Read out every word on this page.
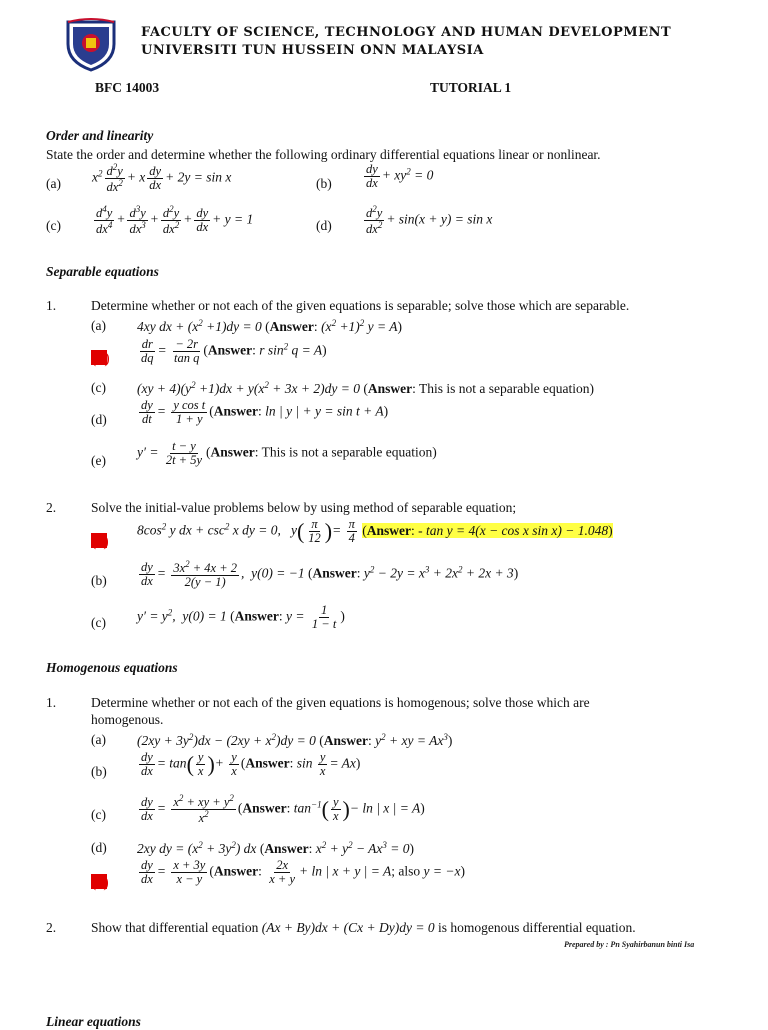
FACULTY OF SCIENCE, TECHNOLOGY AND HUMAN DEVELOPMENT
UNIVERSITI TUN HUSSEIN ONN MALAYSIA
BFC 14003	TUTORIAL 1
Order and linearity
State the order and determine whether the following ordinary differential equations linear or nonlinear.
(a) $x^2 \frac{d^2y}{dx^2} + x \frac{dy}{dx} + 2y = \sin x$	(b)	$\frac{dy}{dx} + xy^2 = 0$
(c)	$\frac{d^4y}{dx^4} + \frac{d^3y}{dx^3} + \frac{d^2y}{dx^2} + \frac{dy}{dx} + y = 1$	(d)	$\frac{d^2y}{dx^2} + \sin(x + y) = \sin x$
Separable equations
1.	Determine whether or not each of the given equations is separable; solve those which are separable.
(a) 4xy dx + $(x^2 +1)dy = 0$ (Answer: $(x^2 +1)^2$ y = A)
$(b) \frac{dr}{dq} = \frac{- 2r}{\text{tan q}}$ (Answer: r $\sin^2 q = A$)
(c) $(xy + 4)(y^2 +1)dx + y(x^2 + 3x + 2)dy = 0$ (Answer: This is not a separable equation)
(d)	$\frac{dy}{dt} = \frac{\text{y cos t}}{1 + y}$ (Answer: ln | y | + y = sin t + A)
(e)
$y' = \frac{t - y}{2t + 5y}$ (Answer: This is not a separable equation)
2.	Solve the initial-value problems below by using method of separable equation;
(a)
$8\cos^2$ y dx + $\csc^2 x$ dy = 0,   $y( \frac{\pi}{12}$ )= $\frac{\pi}{4}$ (Answer: - tan y = 4(x − cos x sin x) − 1.048)
(b)	$\frac{dy}{dx} = \frac{3x^2 + 4x + 2}{2(y - 1)}$ ,  y(0) = −1 (Answer: $y^2 - 2y = x^3 + 2x^2 + 2x + 3$)
(c) $y' = y^2$,  y(0) = 1 (Answer: $y = \frac{1}{1 - t}$ )
Homogenous equations
1.	Determine whether or not each of the given equations is homogenous; solve those which are
homogenous.
(a) $(2xy + 3y^2)dx - (2xy + x^2)dy = 0$ (Answer: $y^2$ + xy = $Ax^3$)
(b)	$\frac{dy}{dx} = \tan( \frac{y}{x}$ )+ $\frac{y}{x}$ (Answer: $\sin \frac{y}{x} = Ax$)
(c)	$\frac{dy}{dx} = \frac{x^2 + xy + y^2}{x^2}$ (Answer: $\tan^{-1}( \frac{y}{x}$ )− ln | x | = A)
(d) 2xy dy = $(x^2 + 3y^2)$ dx (Answer: $x^2 + y^2 - Ax^3 = 0$)
$(e) \frac{dy}{dx} = \frac{x + 3y}{x - y}$ (Answer: $\frac{2x}{x + y} + \ln$ | x + y | = A; also y = −x)
2.	Show that differential equation (Ax + By)dx + (Cx + Dy)dy = 0 is homogenous differential equation.
Prepared by : Pn Syahirbanun binti Isa
Linear equations
